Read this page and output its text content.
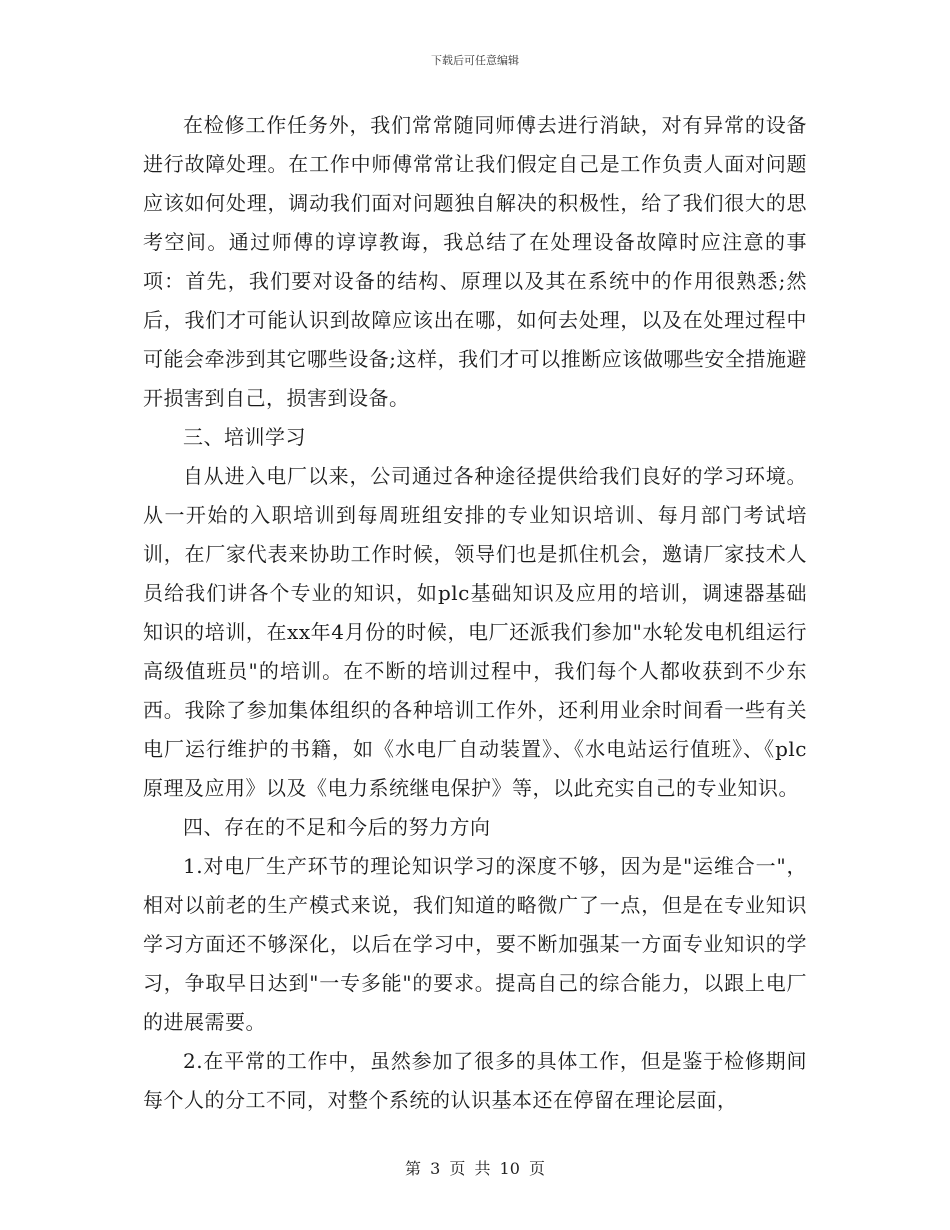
下载后可任意编辑

在检修工作任务外，我们常常随同师傅去进行消缺，对有异常的设备进行故障处理。在工作中师傅常常让我们假定自己是工作负责人面对问题应该如何处理，调动我们面对问题独自解决的积极性，给了我们很大的思考空间。通过师傅的谆谆教诲，我总结了在处理设备故障时应注意的事项：首先，我们要对设备的结构、原理以及其在系统中的作用很熟悉;然后，我们才可能认识到故障应该出在哪，如何去处理，以及在处理过程中可能会牵涉到其它哪些设备;这样，我们才可以推断应该做哪些安全措施避开损害到自己，损害到设备。

三、培训学习

自从进入电厂以来，公司通过各种途径提供给我们良好的学习环境。从一开始的入职培训到每周班组安排的专业知识培训、每月部门考试培训，在厂家代表来协助工作时候，领导们也是抓住机会，邀请厂家技术人员给我们讲各个专业的知识，如plc基础知识及应用的培训，调速器基础知识的培训，在xx年4月份的时候，电厂还派我们参加"水轮发电机组运行高级值班员"的培训。在不断的培训过程中，我们每个人都收获到不少东西。我除了参加集体组织的各种培训工作外，还利用业余时间看一些有关电厂运行维护的书籍，如《水电厂自动装置》、《水电站运行值班》、《plc原理及应用》以及《电力系统继电保护》等，以此充实自己的专业知识。

四、存在的不足和今后的努力方向

1.对电厂生产环节的理论知识学习的深度不够，因为是"运维合一"，相对以前老的生产模式来说，我们知道的略微广了一点，但是在专业知识学习方面还不够深化，以后在学习中，要不断加强某一方面专业知识的学习，争取早日达到"一专多能"的要求。提高自己的综合能力，以跟上电厂的进展需要。

2.在平常的工作中，虽然参加了很多的具体工作，但是鉴于检修期间每个人的分工不同，对整个系统的认识基本还在停留在理论层面，

第 3 页 共 10 页
